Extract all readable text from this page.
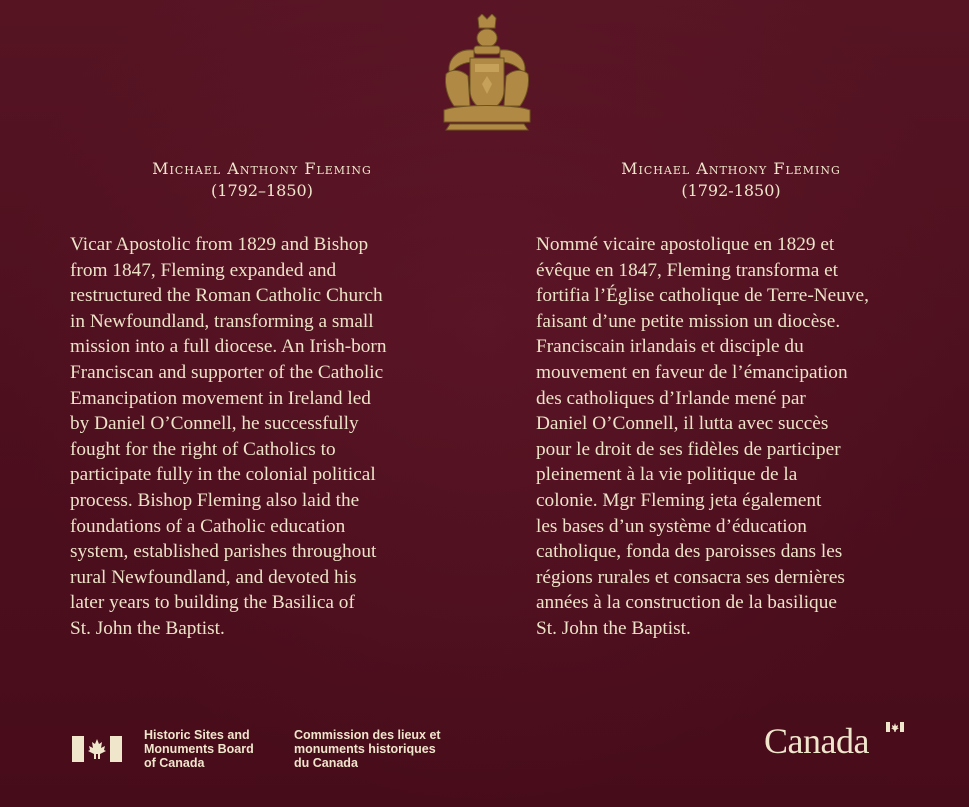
Michael Anthony Fleming

(1792–1850)

Vicar Apostolic from 1829 and Bishop
from 1847, Fleming expanded and
restructured the Roman Catholic Church
in Newfoundland, transforming a small
mission into a full diocese. An Irish-born
Franciscan and supporter of the Catholic
Emancipation movement in Ireland led
by Daniel O’Connell, he successfully
fought for the right of Catholics to
participate fully in the colonial political
process. Bishop Fleming also laid the
foundations of a Catholic education
system, established parishes throughout
rural Newfoundland, and devoted his
later years to building the Basilica of
St. John the Baptist.

Michael Anthony Fleming

(1792-1850)

Nommé vicaire apostolique en 1829 et
évêque en 1847, Fleming transforma et
fortifia l’Église catholique de Terre-Neuve,
faisant d’une petite mission un diocèse.
Franciscain irlandais et disciple du
mouvement en faveur de l’émancipation
des catholiques d’Irlande mené par
Daniel O’Connell, il lutta avec succès
pour le droit de ses fidèles de participer
pleinement à la vie politique de la
colonie. Mgr Fleming jeta également
les bases d’un système d’éducation
catholique, fonda des paroisses dans les
régions rurales et consacra ses dernières
années à la construction de la basilique
St. John the Baptist.
Historic Sites and
Monuments Board
of Canada
Commission des lieux et
monuments historiques
du Canada
Canada
